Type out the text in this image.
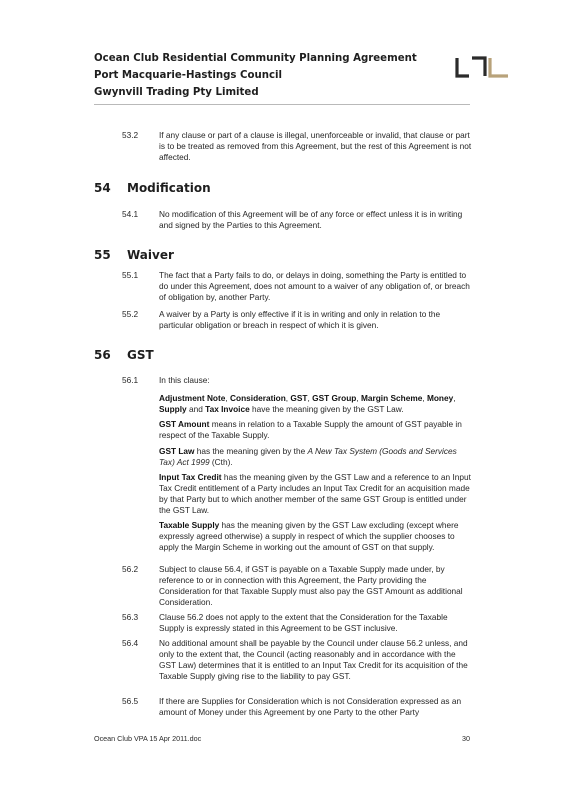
Ocean Club Residential Community Planning Agreement
Port Macquarie-Hastings Council
Gwynvill Trading Pty Limited
53.2	If any clause or part of a clause is illegal, unenforceable or invalid, that clause or part is to be treated as removed from this Agreement, but the rest of this Agreement is not affected.
54 Modification
54.1	No modification of this Agreement will be of any force or effect unless it is in writing and signed by the Parties to this Agreement.
55 Waiver
55.1	The fact that a Party fails to do, or delays in doing, something the Party is entitled to do under this Agreement, does not amount to a waiver of any obligation of, or breach of obligation by, another Party.
55.2	A waiver by a Party is only effective if it is in writing and only in relation to the particular obligation or breach in respect of which it is given.
56 GST
56.1	In this clause:
Adjustment Note, Consideration, GST, GST Group, Margin Scheme, Money, Supply and Tax Invoice have the meaning given by the GST Law.
GST Amount means in relation to a Taxable Supply the amount of GST payable in respect of the Taxable Supply.
GST Law has the meaning given by the A New Tax System (Goods and Services Tax) Act 1999 (Cth).
Input Tax Credit has the meaning given by the GST Law and a reference to an Input Tax Credit entitlement of a Party includes an Input Tax Credit for an acquisition made by that Party but to which another member of the same GST Group is entitled under the GST Law.
Taxable Supply has the meaning given by the GST Law excluding (except where expressly agreed otherwise) a supply in respect of which the supplier chooses to apply the Margin Scheme in working out the amount of GST on that supply.
56.2	Subject to clause 56.4, if GST is payable on a Taxable Supply made under, by reference to or in connection with this Agreement, the Party providing the Consideration for that Taxable Supply must also pay the GST Amount as additional Consideration.
56.3	Clause 56.2 does not apply to the extent that the Consideration for the Taxable Supply is expressly stated in this Agreement to be GST inclusive.
56.4	No additional amount shall be payable by the Council under clause 56.2 unless, and only to the extent that, the Council (acting reasonably and in accordance with the GST Law) determines that it is entitled to an Input Tax Credit for its acquisition of the Taxable Supply giving rise to the liability to pay GST.
56.5	If there are Supplies for Consideration which is not Consideration expressed as an amount of Money under this Agreement by one Party to the other Party
Ocean Club VPA 15 Apr 2011.doc	30
